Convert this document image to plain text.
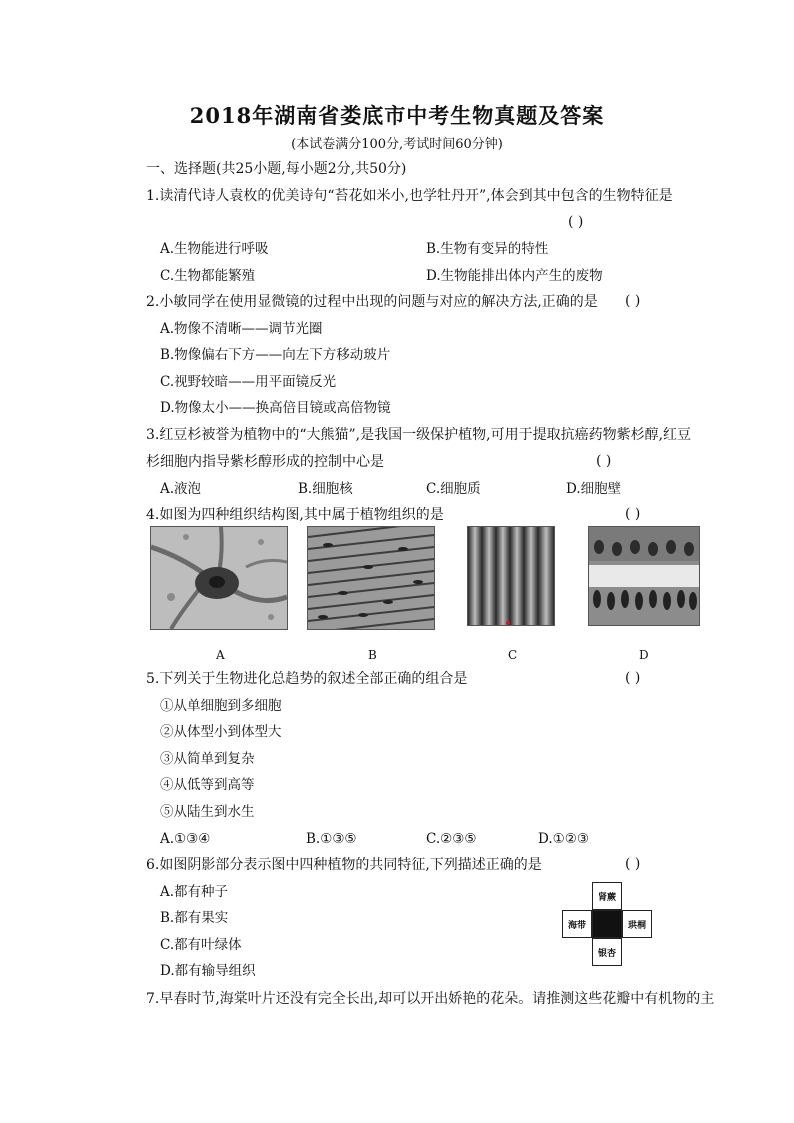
2018年湖南省娄底市中考生物真题及答案
(本试卷满分100分,考试时间60分钟)
一、选择题(共25小题,每小题2分,共50分)
1.读清代诗人袁枚的优美诗句“苔花如米小,也学牡丹开”,体会到其中包含的生物特征是
( )
A.生物能进行呼吸	B.生物有变异的特性
C.生物都能繁殖	D.生物能排出体内产生的废物
2.小敏同学在使用显微镜的过程中出现的问题与对应的解决方法,正确的是 ( )
A.物像不清晰——调节光圈
B.物像偏右下方——向左下方移动玻片
C.视野较暗——用平面镜反光
D.物像太小——换高倍目镜或高倍物镜
3.红豆杉被誉为植物中的“大熊猫”,是我国一级保护植物,可用于提取抗癌药物紫杉醇,红豆
杉细胞内指导紫杉醇形成的控制中心是	( )
A.液泡	B.细胞核	C.细胞质	D.细胞壁
4.如图为四种组织结构图,其中属于植物组织的是	( )
A	B	C	D
5.下列关于生物进化总趋势的叙述全部正确的组合是	( )
①从单细胞到多细胞
②从体型小到体型大
③从简单到复杂
④从低等到高等
⑤从陆生到水生
A.①③④	B.①③⑤	C.②③⑤	D.①②③
6.如图阴影部分表示图中四种植物的共同特征,下列描述正确的是	( )
A.都有种子
B.都有果实
C.都有叶绿体
D.都有输导组织
肾蕨
海带	珙桐
银杏
7.早春时节,海棠叶片还没有完全长出,却可以开出娇艳的花朵。请推测这些花瓣中有机物的主
